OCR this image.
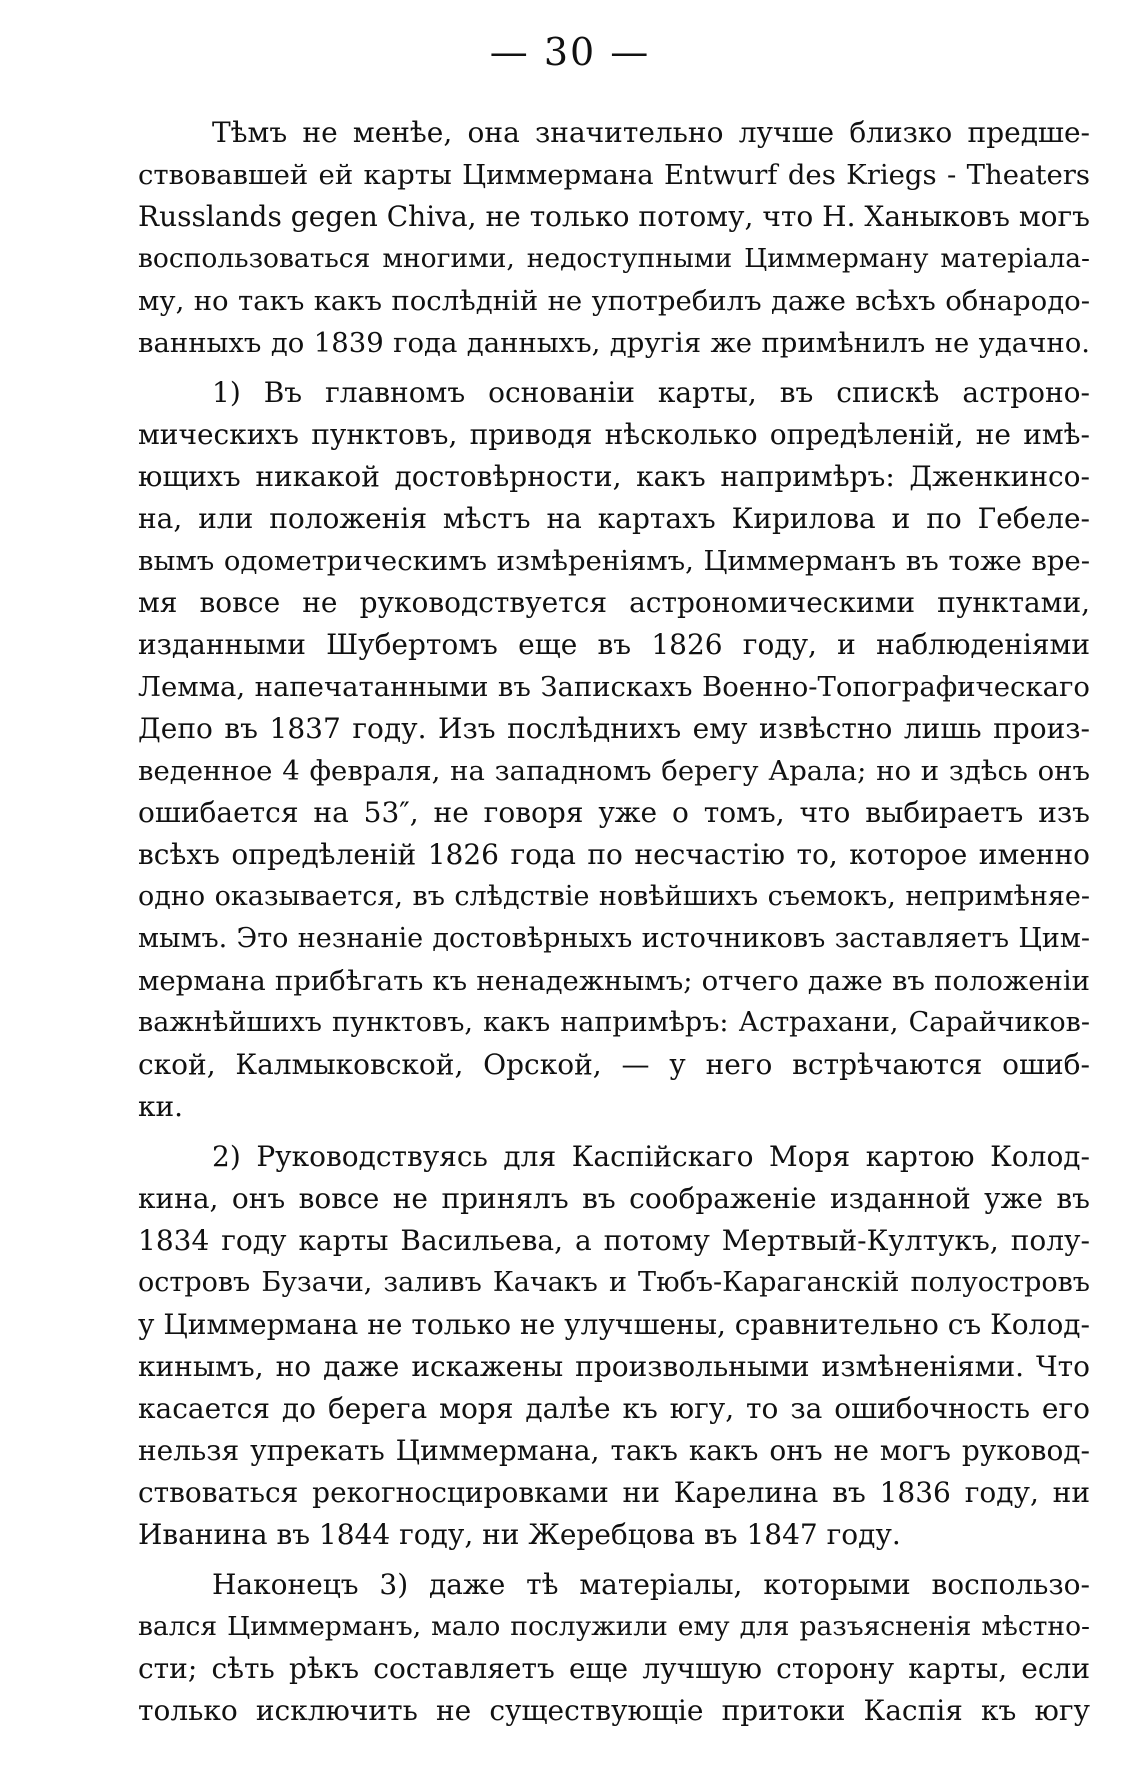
— 30 —

Тѣмъ не менѣе, она значительно лучше близко предше-
ствовавшей ей карты Циммермана Entwurf des Kriegs - Theaters
Russlands gegen Chiva, не только потому, что Н. Ханыковъ могъ
воспользоваться многими, недоступными Циммерману матеріала-
му, но такъ какъ послѣдній не употребилъ даже всѣхъ обнародо-
ванныхъ до 1839 года данныхъ, другія же примѣнилъ не удачно.

1) Въ главномъ основаніи карты, въ спискѣ астроно-
мическихъ пунктовъ, приводя нѣсколько опредѣленій, не имѣ-
ющихъ никакой достовѣрности, какъ напримѣръ: Дженкинсо-
на, или положенія мѣстъ на картахъ Кирилова и по Гебеле-
вымъ одометрическимъ измѣреніямъ, Циммерманъ въ тоже вре-
мя вовсе не руководствуется астрономическими пунктами,
изданными Шубертомъ еще въ 1826 году, и наблюденіями
Лемма, напечатанными въ Запискахъ Военно-Топографическаго
Депо въ 1837 году. Изъ послѣднихъ ему извѣстно лишь произ-
веденное 4 февраля, на западномъ берегу Арала; но и здѣсь онъ
ошибается на 53″, не говоря уже о томъ, что выбираетъ изъ
всѣхъ опредѣленій 1826 года по несчастію то, которое именно
одно оказывается, въ слѣдствіе новѣйшихъ съемокъ, непримѣняе-
мымъ. Это незнаніе достовѣрныхъ источниковъ заставляетъ Цим-
мермана прибѣгать къ ненадежнымъ; отчего даже въ положеніи
важнѣйшихъ пунктовъ, какъ напримѣръ: Астрахани, Сарайчиков-
ской, Калмыковской, Орской, — у него встрѣчаются ошиб-
ки.

2) Руководствуясь для Каспійскаго Моря картою Колод-
кина, онъ вовсе не принялъ въ соображеніе изданной уже въ
1834 году карты Васильева, а потому Мертвый-Култукъ, полу-
островъ Бузачи, заливъ Качакъ и Тюбъ-Караганскій полуостровъ
у Циммермана не только не улучшены, сравнительно съ Колод-
кинымъ, но даже искажены произвольными измѣненіями. Что
касается до берега моря далѣе къ югу, то за ошибочность его
нельзя упрекать Циммермана, такъ какъ онъ не могъ руковод-
ствоваться рекогносцировками ни Карелина въ 1836 году, ни
Иванина въ 1844 году, ни Жеребцова въ 1847 году.

Наконецъ 3) даже тѣ матеріалы, которыми воспользо-
вался Циммерманъ, мало послужили ему для разъясненія мѣстно-
сти; сѣть рѣкъ составляетъ еще лучшую сторону карты, если
только исключить не существующіе притоки Каспія къ югу
